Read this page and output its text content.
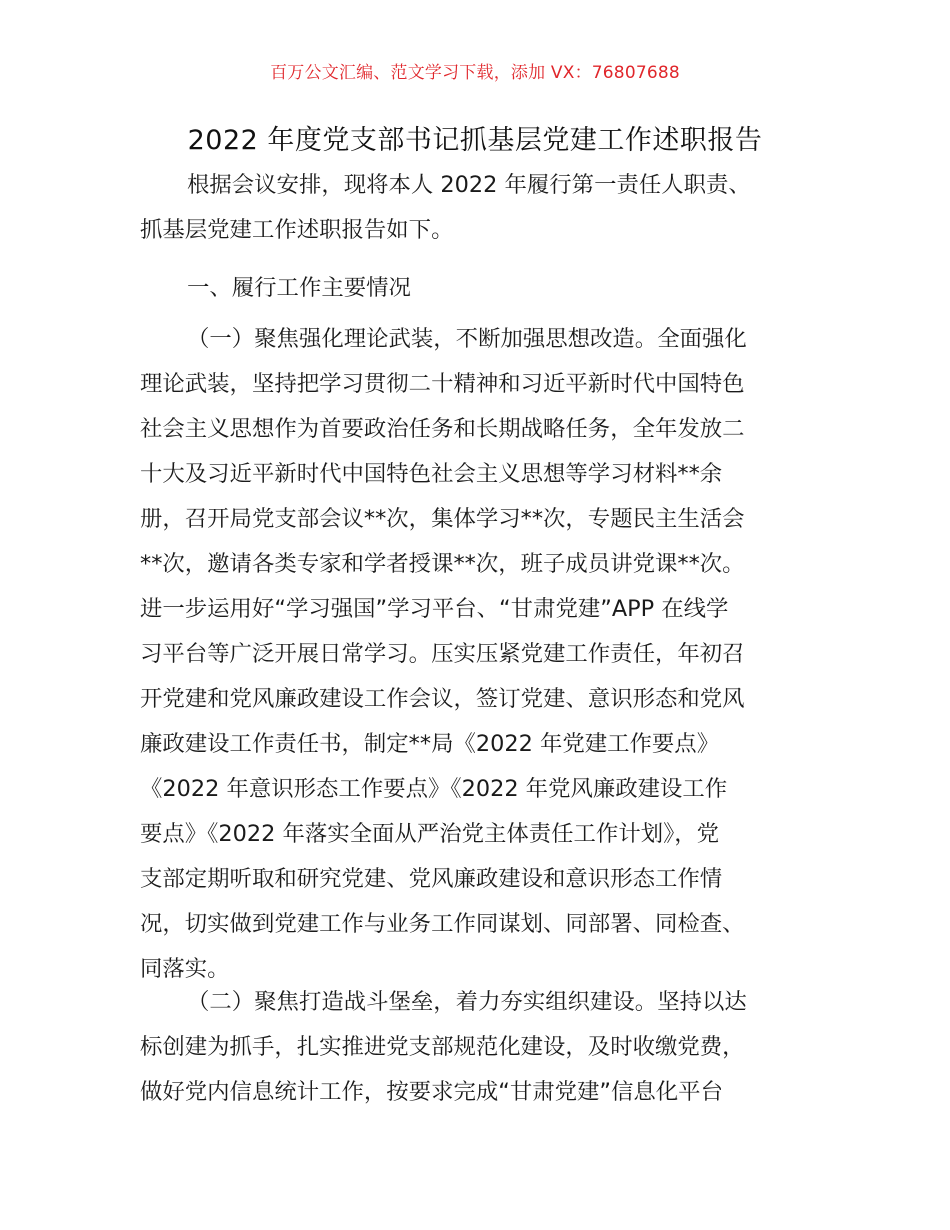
百万公文汇编、范文学习下载，添加 VX：76807688
2022 年度党支部书记抓基层党建工作述职报告
根据会议安排，现将本人 2022 年履行第一责任人职责、
抓基层党建工作述职报告如下。
一、履行工作主要情况
（一）聚焦强化理论武装，不断加强思想改造。全面强化
理论武装，坚持把学习贯彻二十精神和习近平新时代中国特色
社会主义思想作为首要政治任务和长期战略任务，全年发放二
十大及习近平新时代中国特色社会主义思想等学习材料**余
册，召开局党支部会议**次，集体学习**次，专题民主生活会
**次，邀请各类专家和学者授课**次，班子成员讲党课**次。
进一步运用好“学习强国”学习平台、“甘肃党建”APP 在线学
习平台等广泛开展日常学习。压实压紧党建工作责任，年初召
开党建和党风廉政建设工作会议，签订党建、意识形态和党风
廉政建设工作责任书，制定**局《2022 年党建工作要点》
《2022 年意识形态工作要点》《2022 年党风廉政建设工作
要点》《2022 年落实全面从严治党主体责任工作计划》，党
支部定期听取和研究党建、党风廉政建设和意识形态工作情
况，切实做到党建工作与业务工作同谋划、同部署、同检查、
同落实。
（二）聚焦打造战斗堡垒，着力夯实组织建设。坚持以达
标创建为抓手，扎实推进党支部规范化建设，及时收缴党费，
做好党内信息统计工作，按要求完成“甘肃党建”信息化平台
